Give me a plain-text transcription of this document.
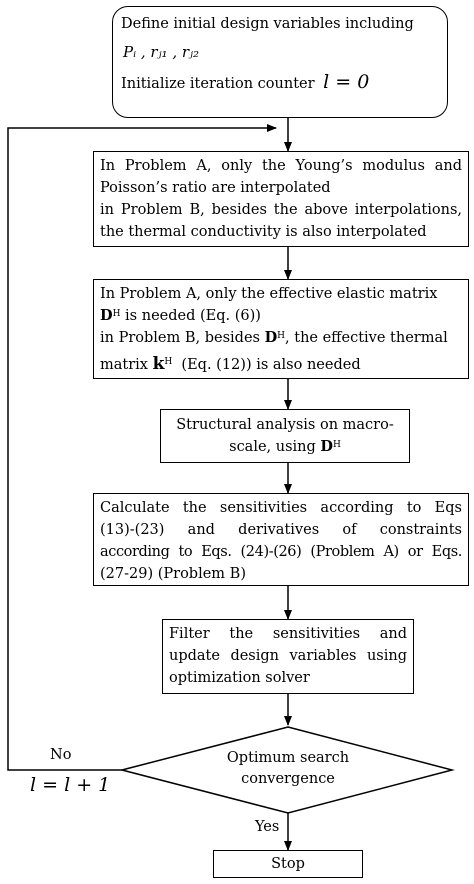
Define initial design variables including
Pᵢ , rⱼ₁ , rⱼ₂
Initialize iteration counter l = 0
In Problem A, only the Young’s modulus and
Poisson’s ratio are interpolated
in Problem B, besides the above interpolations,
the thermal conductivity is also interpolated
In Problem A, only the effective elastic matrix
$D^H$ is needed (Eq. (6))
in Problem B, besides $D^H$, the effective thermal
matrix $k^H$  (Eq. (12)) is also needed
Structural analysis on macro-
scale, using $D^H$
Calculate the sensitivities according to Eqs
(13)-(23) and derivatives of constraints
according to Eqs. (24)-(26) (Problem A) or Eqs.
(27-29) (Problem B)
Filter the sensitivities and
update design variables using
optimization solver
Optimum search
convergence
Stop
No
l = l + 1
Yes
